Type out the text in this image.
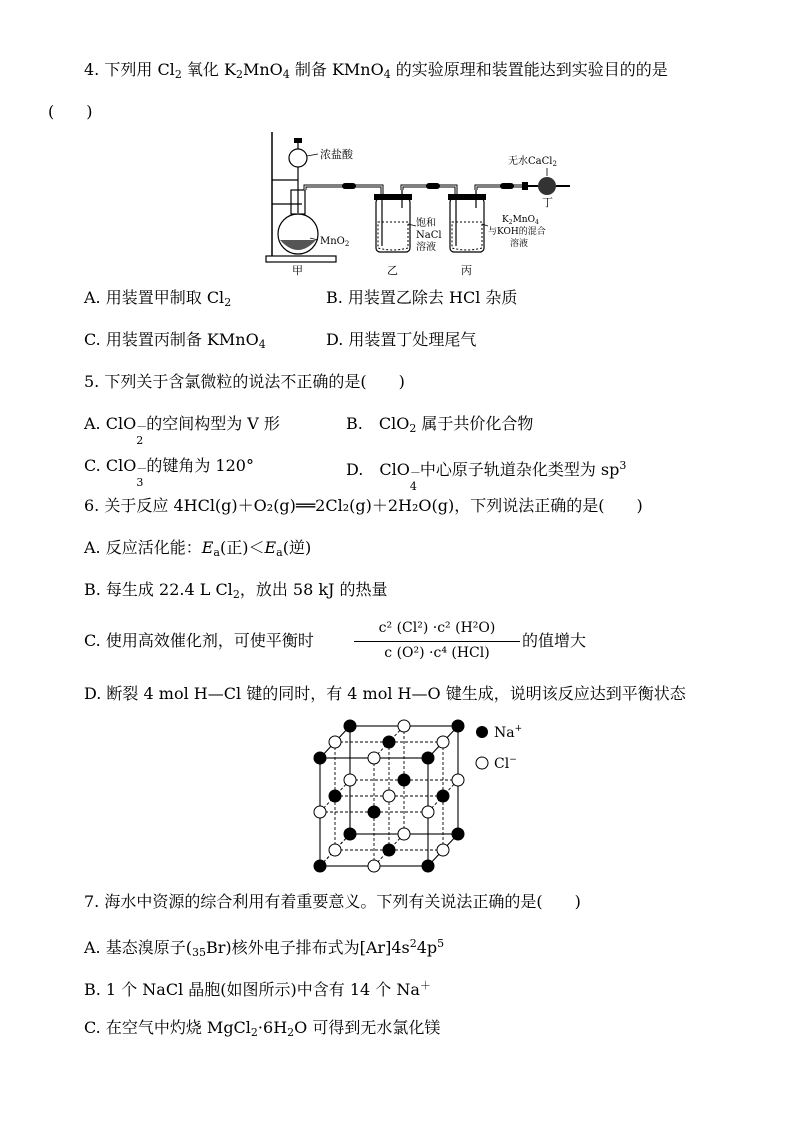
4. 下列用 $Cl_2$ 氧化 $K_2MnO_4$ 制备 KMnO$_4$ 的实验原理和装置能达到实验目的的是
(　　)
浓盐酸
MnO$_2$
无水CaCl$_2$
丁
饱和
NaCl
溶液
$K_2MnO_4$
与KOH的混合
溶液
甲	乙	丙
A. 用装置甲制取 $Cl_2$	B. 用装置乙除去 HCl 杂质
C. 用装置丙制备 KMnO$_4$	D. 用装置丁处理尾气
5. 下列关于含氯微粒的说法不正确的是(　　)
A. ClO －
2
的空间构型为 V 形	B.　ClO$_2$ 属于共价化合物
C. ClO －
3
的键角为 120°	D.　ClO －
4
中心原子轨道杂化类型为 $sp^3$
6. 关于反应 4HCl(g)＋O₂(g)══2Cl₂(g)＋2H₂O(g)，下列说法正确的是(　　)
A. 反应活化能：$E_a$(正)$<E_a$(逆)
B. 每生成 22.4 L $Cl_2$，放出 58 kJ 的热量
C. 使用高效催化剂，可使平衡时
c² (Cl²) ·c² (H²O)
c (O²) ·c⁴ (HCl)
的值增大
D. 断裂 4 mol H—Cl 键的同时，有 4 mol H—O 键生成，说明该反应达到平衡状态
Na+
Cl−
7. 海水中资源的综合利用有着重要意义。下列有关说法正确的是(　　)
A. 基态溴原子$(_{35}Br)$核外电子排布式为$[Ar]4s^24p^5$
B. 1 个 NaCl 晶胞(如图所示)中含有 14 个 Na＋
C. 在空气中灼烧 $MgCl_2\cdot 6H_2O$ 可得到无水氯化镁
